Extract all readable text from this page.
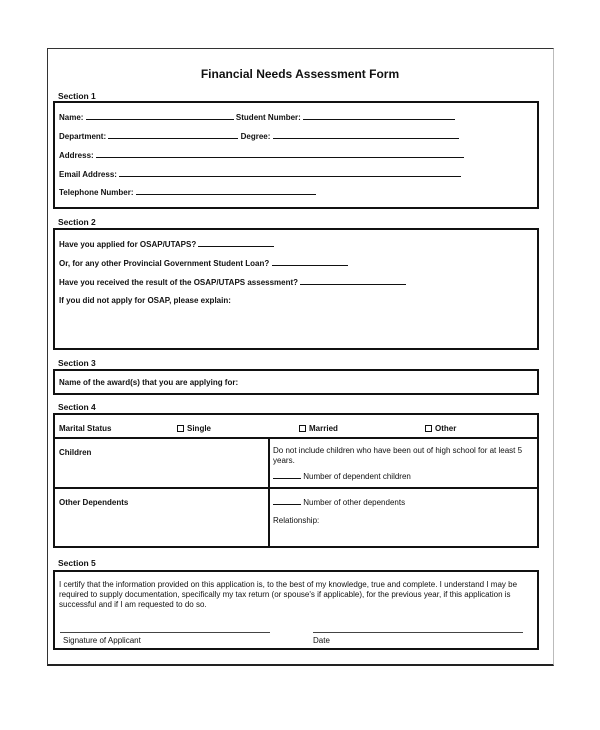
Financial Needs Assessment Form
Section 1
Name:	Student Number:
Department:	Degree:
Address:
Email Address:
Telephone Number:
Section 2
Have you applied for OSAP/UTAPS?
Or, for any other Provincial Government Student Loan?
Have you received the result of the OSAP/UTAPS assessment?
If you did not apply for OSAP, please explain:
Section 3
Name of the award(s) that you are applying for:
Section 4
Marital Status	Single	Married	Other
Children	Do not include children who have been out of high school for at least 5 years.
Number of dependent children
Other Dependents	Number of other dependents
Relationship:
Section 5
I certify that the information provided on this application is, to the best of my knowledge, true and complete. I understand I may be required to supply documentation, specifically my tax return (or spouse's if applicable), for the previous year, if this application is successful and if I am requested to do so.
Signature of Applicant	Date
